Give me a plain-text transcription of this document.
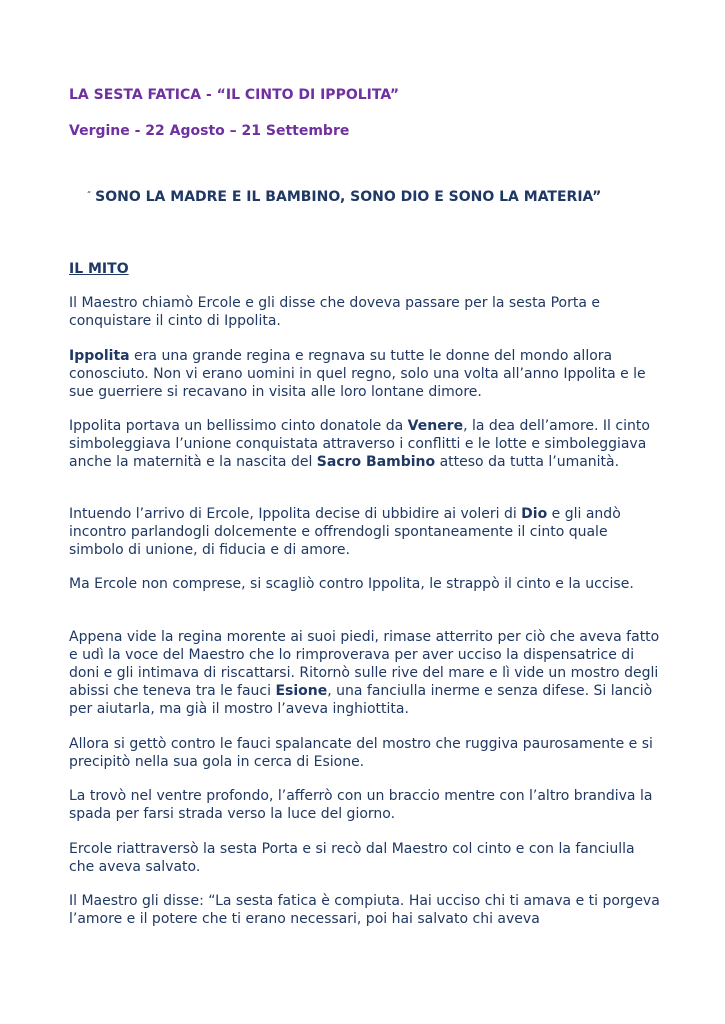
LA SESTA FATICA - “IL CINTO DI IPPOLITA”

Vergine - 22 Agosto – 21 Settembre

“ SONO LA MADRE E IL BAMBINO, SONO DIO E SONO LA MATERIA”

IL MITO

Il Maestro chiamò Ercole e gli disse che doveva passare per la sesta Porta e conquistare il cinto di Ippolita.

Ippolita era una grande regina e regnava su tutte le donne del mondo allora conosciuto. Non vi erano uomini in quel regno, solo una volta all’anno Ippolita e le sue guerriere si recavano in visita alle loro lontane dimore.

Ippolita portava un bellissimo cinto donatole da Venere, la dea dell’amore. Il cinto simboleggiava l’unione conquistata attraverso i conflitti e le lotte e simboleggiava anche la maternità e la nascita del Sacro Bambino atteso da tutta l’umanità.

Intuendo l’arrivo di Ercole, Ippolita decise di ubbidire ai voleri di Dio e gli andò incontro parlandogli dolcemente e offrendogli spontaneamente il cinto quale simbolo di unione, di fiducia e di amore.

Ma Ercole non comprese, si scagliò contro Ippolita, le strappò il cinto e la uccise.

Appena vide la regina morente ai suoi piedi, rimase atterrito per ciò che aveva fatto e udì la voce del Maestro che lo rimproverava per aver ucciso la dispensatrice di doni e gli intimava di riscattarsi. Ritornò sulle rive del mare e lì vide un mostro degli abissi che teneva tra le fauci Esione, una fanciulla inerme e senza difese. Si lanciò per aiutarla, ma già il mostro l’aveva inghiottita.

Allora si gettò contro le fauci spalancate del mostro che ruggiva paurosamente e si precipitò nella sua gola in cerca di Esione.

La trovò nel ventre profondo, l’afferrò con un braccio mentre con l’altro brandiva la spada per farsi strada verso la luce del giorno.

Ercole riattraversò la sesta Porta e si recò dal Maestro col cinto e con la fanciulla che aveva salvato.

Il Maestro gli disse: “La sesta fatica è compiuta. Hai ucciso chi ti amava e ti porgeva l’amore e il potere che ti erano necessari, poi hai salvato chi aveva
